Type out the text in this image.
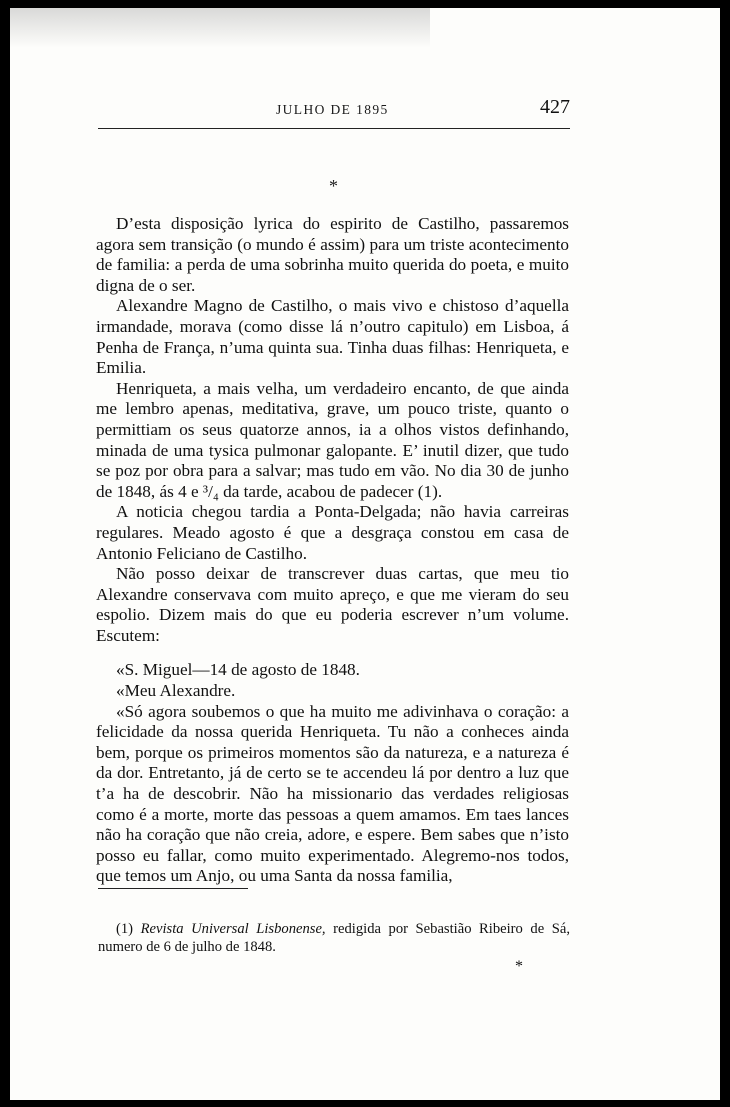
JULHO DE 1895	427
*

D’esta disposição lyrica do espirito de Castilho, passaremos agora sem transição (o mundo é assim) para um triste acontecimento de familia: a perda de uma sobrinha muito querida do poeta, e muito digna de o ser.

Alexandre Magno de Castilho, o mais vivo e chistoso d’aquella irmandade, morava (como disse lá n’outro capitulo) em Lisboa, á Penha de França, n’uma quinta sua. Tinha duas filhas: Henriqueta, e Emilia.

Henriqueta, a mais velha, um verdadeiro encanto, de que ainda me lembro apenas, meditativa, grave, um pouco triste, quanto o permittiam os seus quatorze annos, ia a olhos vistos definhando, minada de uma tysica pulmonar galopante. E’ inutil dizer, que tudo se poz por obra para a salvar; mas tudo em vão. No dia 30 de junho de 1848, ás 4 e ³/₄ da tarde, acabou de padecer (1).

A noticia chegou tardia a Ponta-Delgada; não havia carreiras regulares. Meado agosto é que a desgraça constou em casa de Antonio Feliciano de Castilho.

Não posso deixar de transcrever duas cartas, que meu tio Alexandre conservava com muito apreço, e que me vieram do seu espolio. Dizem mais do que eu poderia escrever n’um volume. Escutem:

«S. Miguel—14 de agosto de 1848.

«Meu Alexandre.

«Só agora soubemos o que ha muito me adivinhava o coração: a felicidade da nossa querida Henriqueta. Tu não a conheces ainda bem, porque os primeiros momentos são da natureza, e a natureza é da dor. Entretanto, já de certo se te accendeu lá por dentro a luz que t’a ha de descobrir. Não ha missionario das verdades religiosas como é a morte, morte das pessoas a quem amamos. Em taes lances não ha coração que não creia, adore, e espere. Bem sabes que n’isto posso eu fallar, como muito experimentado. Alegremo-nos todos, que temos um Anjo, ou uma Santa da nossa familia,

(1) Revista Universal Lisbonense, redigida por Sebastião Ribeiro de Sá, numero de 6 de julho de 1848.

*
